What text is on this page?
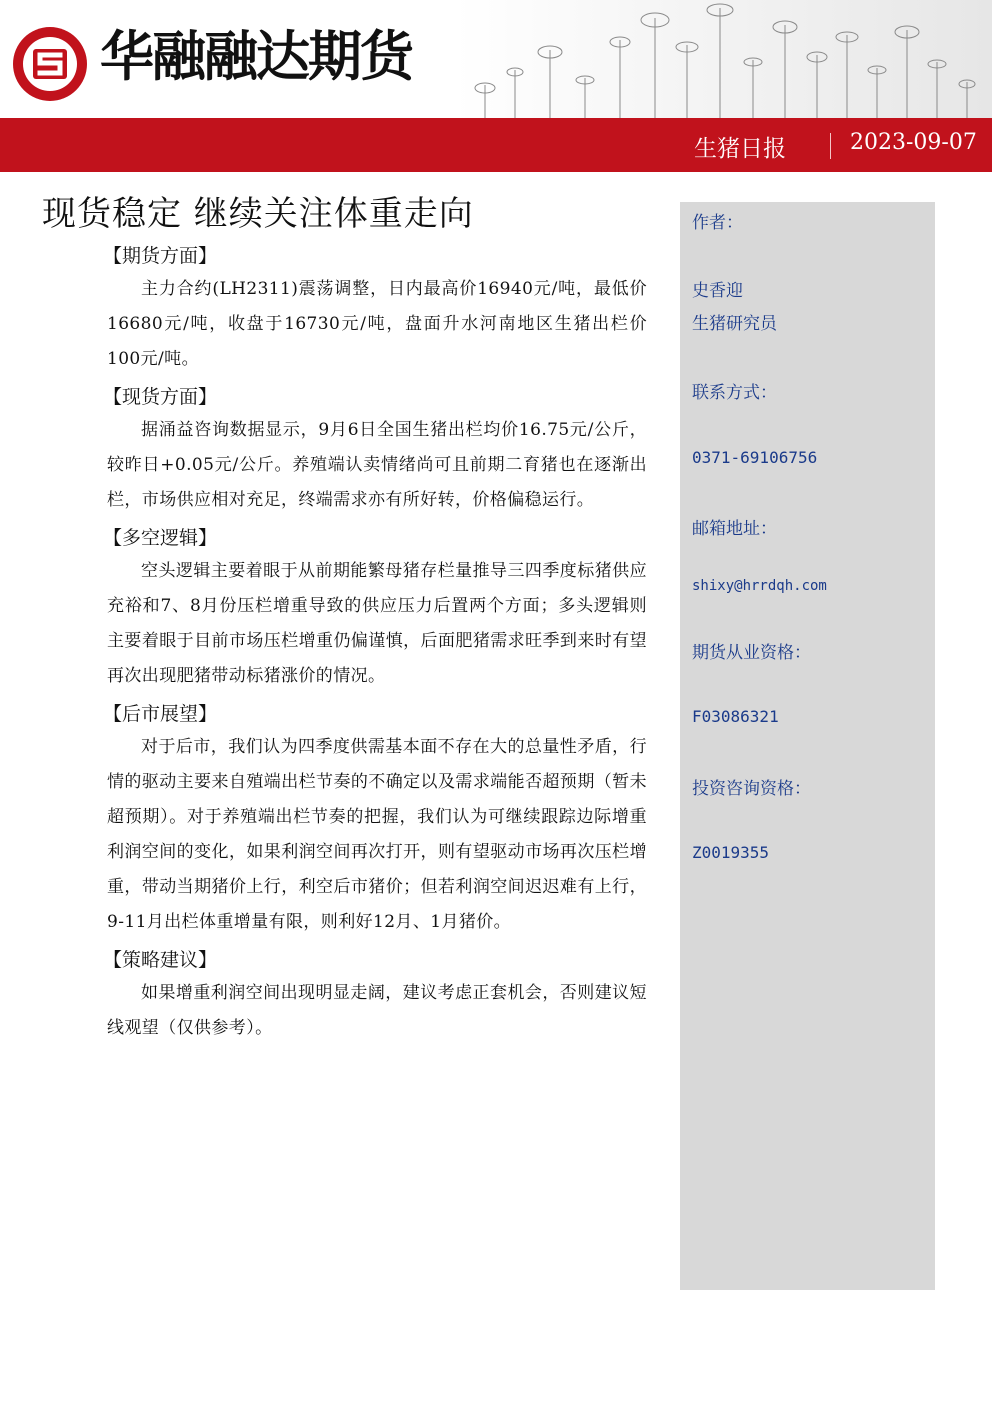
华融融达期货
生猪日报	2023-09-07
现货稳定 继续关注体重走向
【期货方面】

主力合约(LH2311)震荡调整，日内最高价16940元/吨，最低价16680元/吨，收盘于16730元/吨，盘面升水河南地区生猪出栏价100元/吨。

【现货方面】

据涌益咨询数据显示，9月6日全国生猪出栏均价16.75元/公斤，较昨日+0.05元/公斤。养殖端认卖情绪尚可且前期二育猪也在逐渐出栏，市场供应相对充足，终端需求亦有所好转，价格偏稳运行。

【多空逻辑】

空头逻辑主要着眼于从前期能繁母猪存栏量推导三四季度标猪供应充裕和7、8月份压栏增重导致的供应压力后置两个方面；多头逻辑则主要着眼于目前市场压栏增重仍偏谨慎，后面肥猪需求旺季到来时有望再次出现肥猪带动标猪涨价的情况。

【后市展望】

对于后市，我们认为四季度供需基本面不存在大的总量性矛盾，行情的驱动主要来自殖端出栏节奏的不确定以及需求端能否超预期（暂未超预期）。对于养殖端出栏节奏的把握，我们认为可继续跟踪边际增重利润空间的变化，如果利润空间再次打开，则有望驱动市场再次压栏增重，带动当期猪价上行，利空后市猪价；但若利润空间迟迟难有上行，9-11月出栏体重增量有限，则利好12月、1月猪价。

【策略建议】

如果增重利润空间出现明显走阔，建议考虑正套机会，否则建议短线观望（仅供参考）。

作者：
史香迎
生猪研究员
联系方式：
0371-69106756
邮箱地址：
shixy@hrrdqh.com
期货从业资格：
F03086321
投资咨询资格：
Z0019355
